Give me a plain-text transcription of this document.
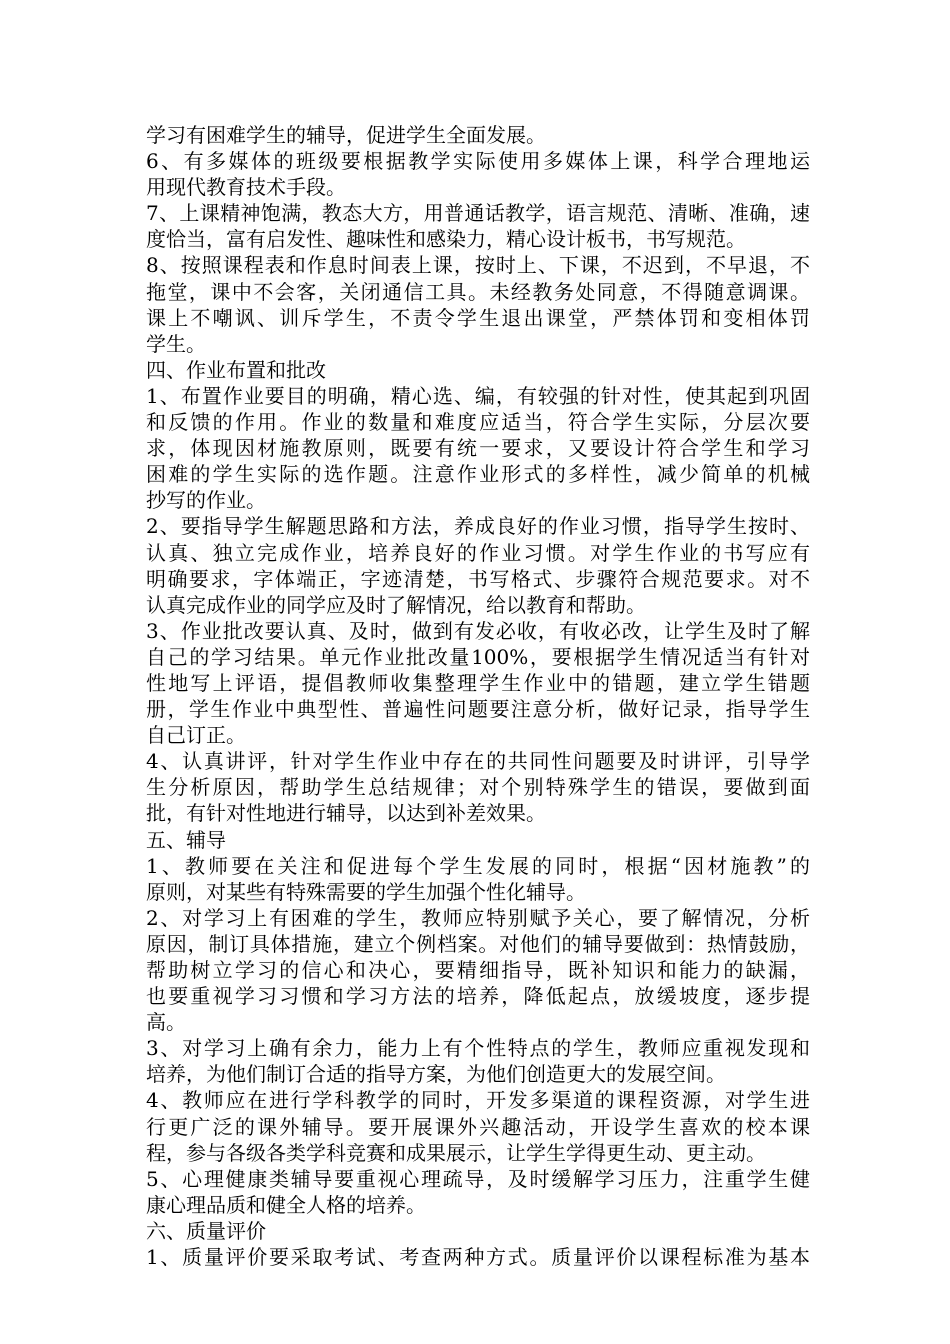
学习有困难学生的辅导，促进学生全面发展。
6、有多媒体的班级要根据教学实际使用多媒体上课，科学合理地运
用现代教育技术手段。
7、上课精神饱满，教态大方，用普通话教学，语言规范、清晰、准确，速
度恰当，富有启发性、趣味性和感染力，精心设计板书，书写规范。
8、按照课程表和作息时间表上课，按时上、下课，不迟到，不早退，不
拖堂，课中不会客，关闭通信工具。未经教务处同意，不得随意调课。
课上不嘲讽、训斥学生，不责令学生退出课堂，严禁体罚和变相体罚
学生。
四、作业布置和批改
1、布置作业要目的明确，精心选、编，有较强的针对性，使其起到巩固
和反馈的作用。作业的数量和难度应适当，符合学生实际，分层次要
求，体现因材施教原则，既要有统一要求，又要设计符合学生和学习
困难的学生实际的选作题。注意作业形式的多样性，减少简单的机械
抄写的作业。
2、要指导学生解题思路和方法，养成良好的作业习惯，指导学生按时、
认真、独立完成作业，培养良好的作业习惯。对学生作业的书写应有
明确要求，字体端正，字迹清楚，书写格式、步骤符合规范要求。对不
认真完成作业的同学应及时了解情况，给以教育和帮助。
3、作业批改要认真、及时，做到有发必收，有收必改，让学生及时了解
自己的学习结果。单元作业批改量100%，要根据学生情况适当有针对
性地写上评语，提倡教师收集整理学生作业中的错题，建立学生错题
册，学生作业中典型性、普遍性问题要注意分析，做好记录，指导学生
自己订正。
4、认真讲评，针对学生作业中存在的共同性问题要及时讲评，引导学
生分析原因，帮助学生总结规律；对个别特殊学生的错误，要做到面
批，有针对性地进行辅导，以达到补差效果。
五、辅导
1、教师要在关注和促进每个学生发展的同时，根据“因材施教”的
原则，对某些有特殊需要的学生加强个性化辅导。
2、对学习上有困难的学生，教师应特别赋予关心，要了解情况，分析
原因，制订具体措施，建立个例档案。对他们的辅导要做到：热情鼓励，
帮助树立学习的信心和决心，要精细指导，既补知识和能力的缺漏，
也要重视学习习惯和学习方法的培养，降低起点，放缓坡度，逐步提
高。
3、对学习上确有余力，能力上有个性特点的学生，教师应重视发现和
培养，为他们制订合适的指导方案，为他们创造更大的发展空间。
4、教师应在进行学科教学的同时，开发多渠道的课程资源，对学生进
行更广泛的课外辅导。要开展课外兴趣活动，开设学生喜欢的校本课
程，参与各级各类学科竞赛和成果展示，让学生学得更生动、更主动。
5、心理健康类辅导要重视心理疏导，及时缓解学习压力，注重学生健
康心理品质和健全人格的培养。
六、质量评价
1、质量评价要采取考试、考查两种方式。质量评价以课程标准为基本
